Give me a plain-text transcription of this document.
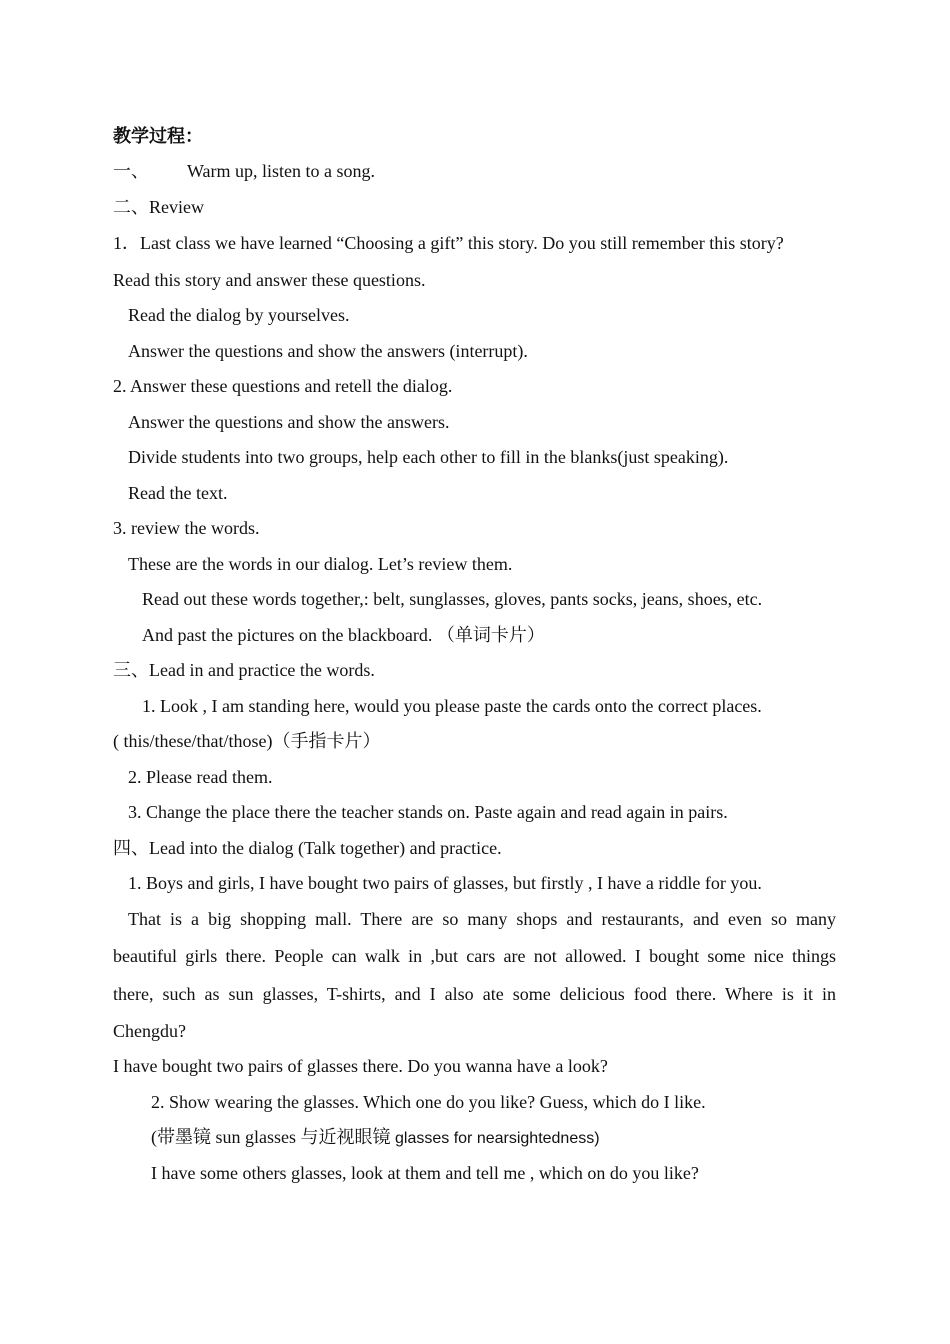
教学过程：
一、 Warm up, listen to a song.
二、Review
1．Last class we have learned “Choosing a gift” this story. Do you still remember this story?
Read this story and answer these questions.
Read the dialog by yourselves.
Answer the questions and show the answers (interrupt).
2. Answer these questions and retell the dialog.
Answer the questions and show the answers.
Divide students into two groups, help each other to fill in the blanks(just speaking).
Read the text.
3. review the words.
These are the words in our dialog. Let’s review them.
Read out these words together,: belt, sunglasses, gloves, pants socks, jeans, shoes, etc.
And past the pictures on the blackboard. （单词卡片）
三、Lead in and practice the words.
1. Look , I am standing here, would you please paste the cards onto the correct places.
( this/these/that/those)（手指卡片）
2. Please read them.
3. Change the place there the teacher stands on. Paste again and read again in pairs.
四、Lead into the dialog (Talk together) and practice.
1. Boys and girls, I have bought two pairs of glasses, but firstly , I have a riddle for you.
That is a big shopping mall. There are so many shops and restaurants, and even so many
beautiful girls there. People can walk in ,but cars are not allowed. I bought some nice things
there, such as sun glasses, T-shirts, and I also ate some delicious food there. Where is it in
Chengdu?
I have bought two pairs of glasses there. Do you wanna have a look?
2. Show wearing the glasses. Which one do you like? Guess, which do I like.
(带墨镜 sun glasses 与近视眼镜 glasses for nearsightedness)
I have some others glasses, look at them and tell me , which on do you like?
